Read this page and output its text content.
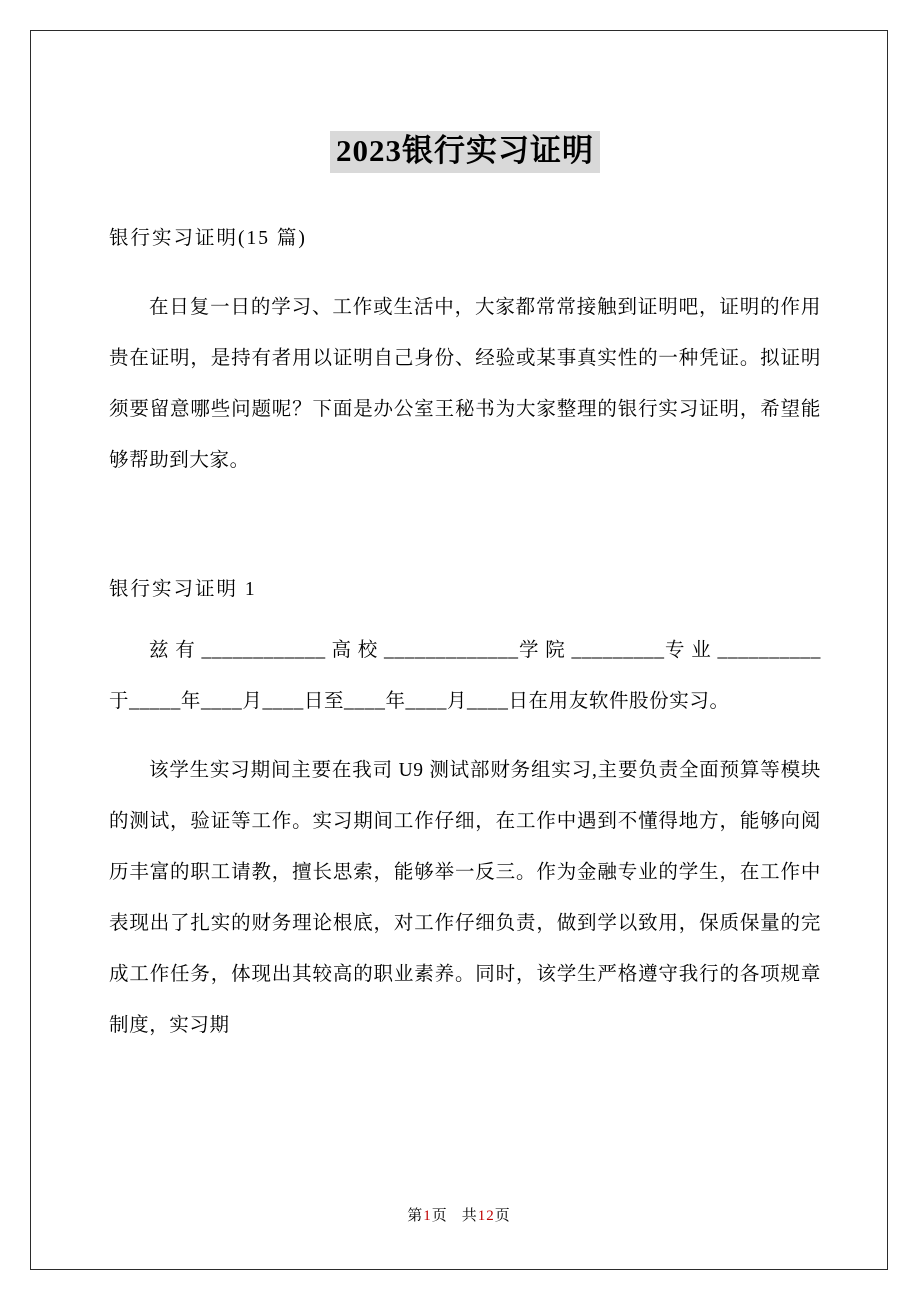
2023银行实习证明

银行实习证明(15 篇)

在日复一日的学习、工作或生活中，大家都常常接触到证明吧，证明的作用贵在证明，是持有者用以证明自己身份、经验或某事真实性的一种凭证。拟证明须要留意哪些问题呢？下面是办公室王秘书为大家整理的银行实习证明，希望能够帮助到大家。

银行实习证明 1

兹 有 ____________ 高 校 _____________学 院 _________专 业 __________于_____年____月____日至____年____月____日在用友软件股份实习。

该学生实习期间主要在我司 U9 测试部财务组实习,主要负责全面预算等模块的测试，验证等工作。实习期间工作仔细，在工作中遇到不懂得地方，能够向阅历丰富的职工请教，擅长思索，能够举一反三。作为金融专业的学生，在工作中表现出了扎实的财务理论根底，对工作仔细负责，做到学以致用，保质保量的完成工作任务，体现出其较高的职业素养。同时，该学生严格遵守我行的各项规章制度，实习期

第1页 共12页
